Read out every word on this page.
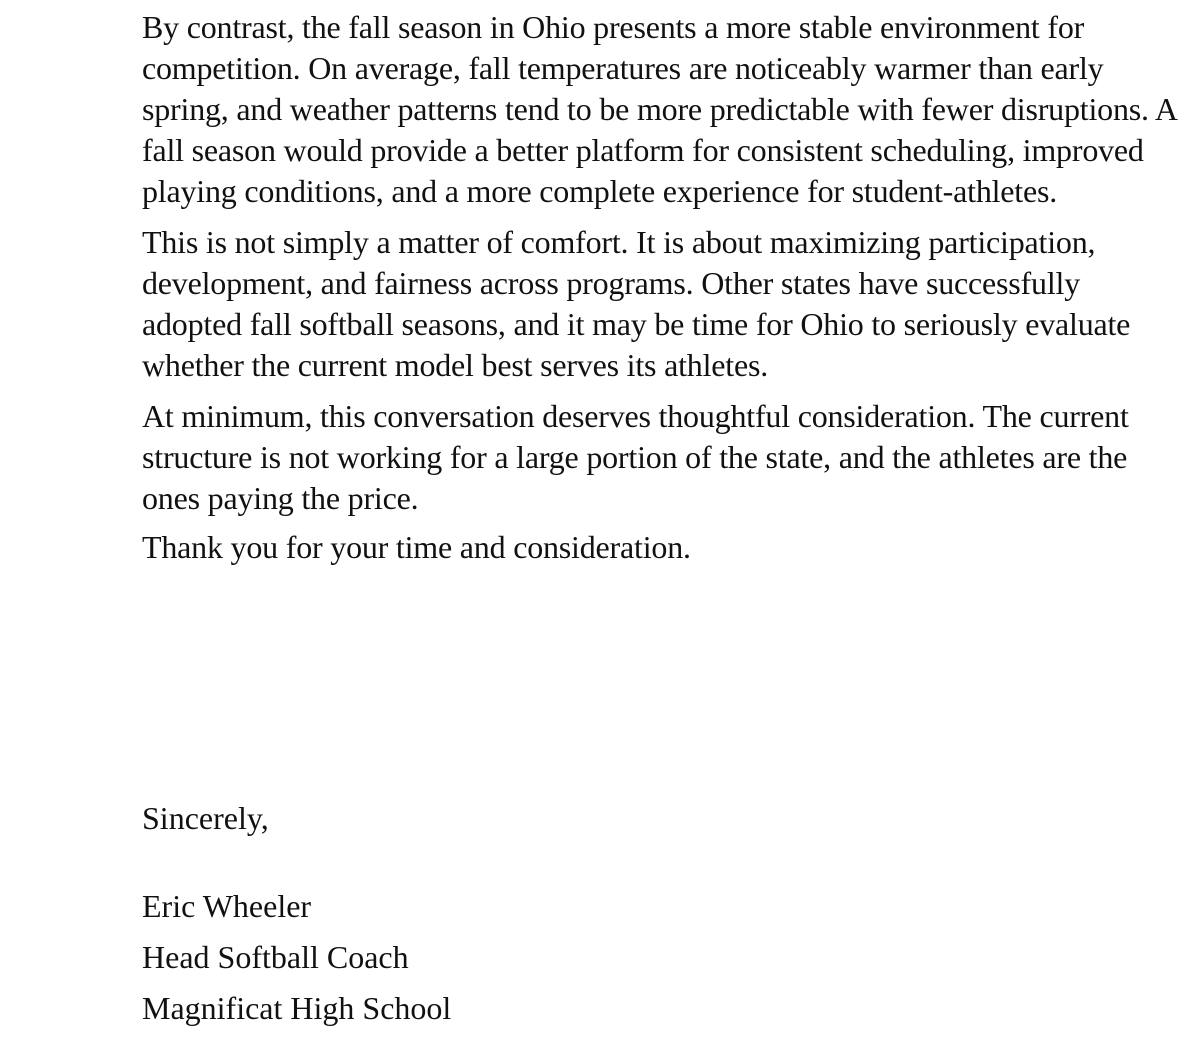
By contrast, the fall season in Ohio presents a more stable environment for competition. On average, fall temperatures are noticeably warmer than early spring, and weather patterns tend to be more predictable with fewer disruptions. A fall season would provide a better platform for consistent scheduling, improved playing conditions, and a more complete experience for student-athletes.

This is not simply a matter of comfort. It is about maximizing participation, development, and fairness across programs. Other states have successfully adopted fall softball seasons, and it may be time for Ohio to seriously evaluate whether the current model best serves its athletes.

At minimum, this conversation deserves thoughtful consideration. The current structure is not working for a large portion of the state, and the athletes are the ones paying the price.

Thank you for your time and consideration.

Sincerely,

Eric Wheeler

Head Softball Coach

Magnificat High School
